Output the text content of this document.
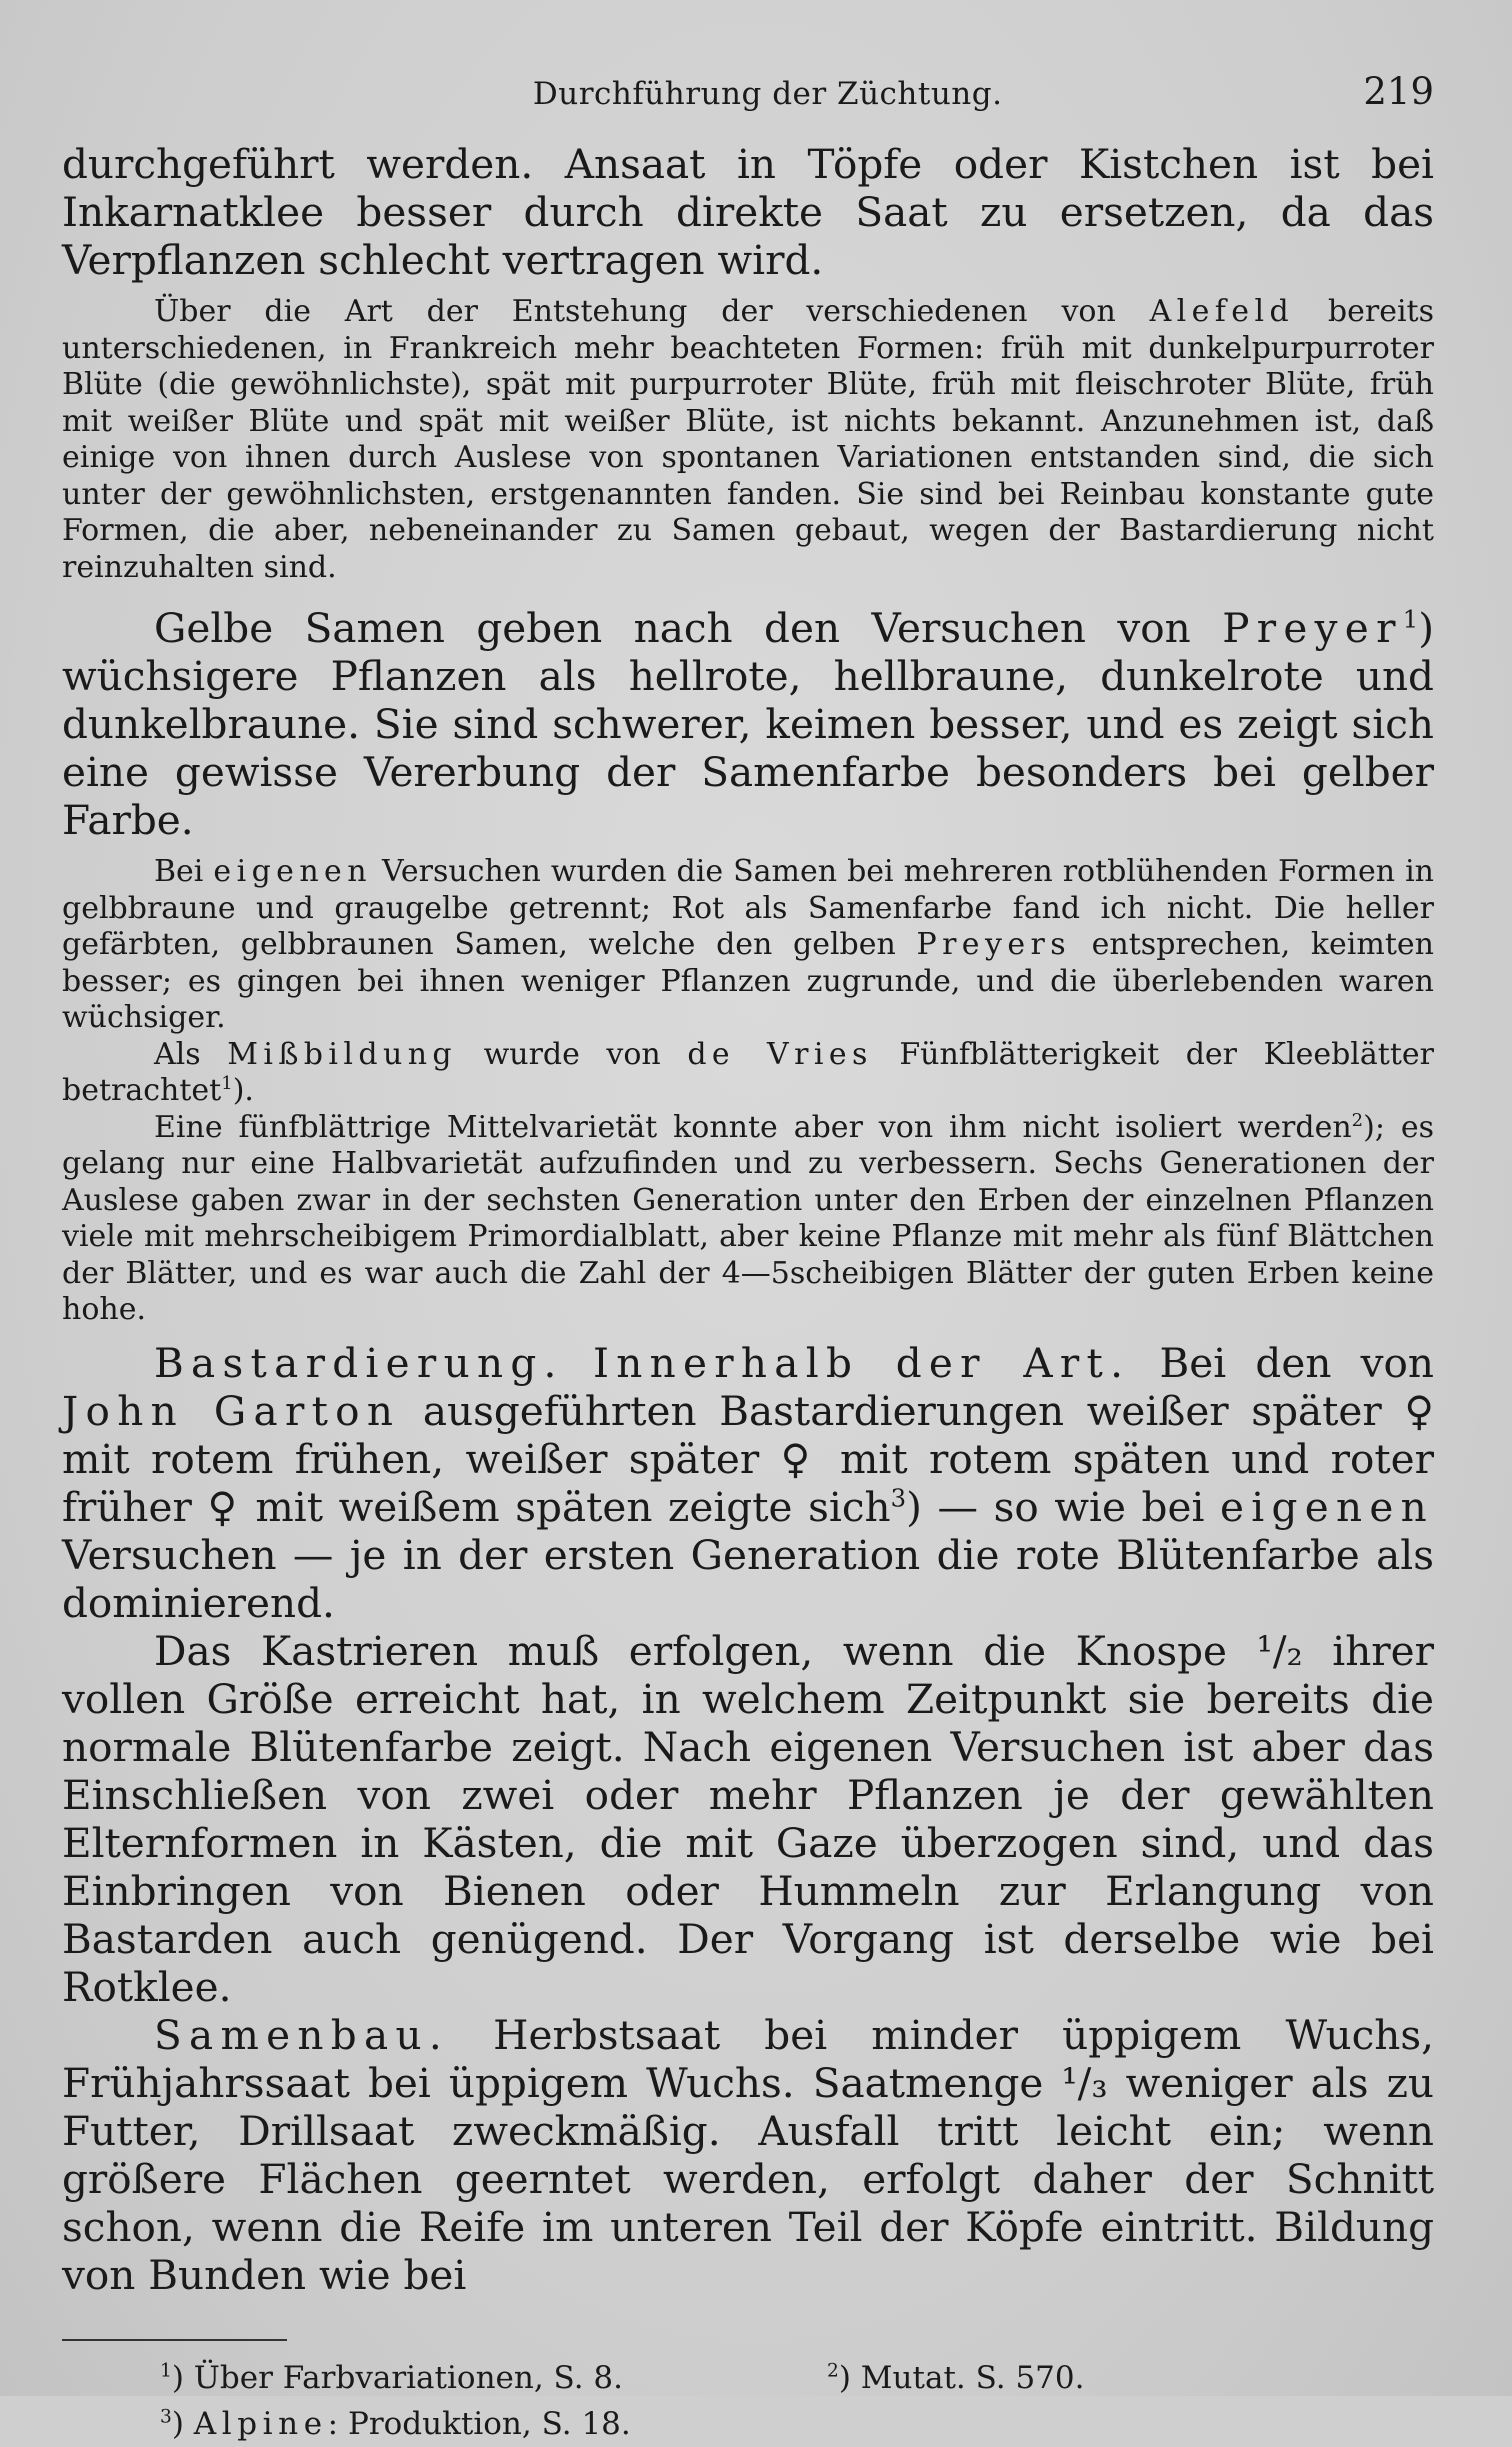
Durchführung der Züchtung.	219

durchgeführt werden. Ansaat in Töpfe oder Kistchen ist bei Inkarnatklee besser durch direkte Saat zu ersetzen, da das Verpflanzen schlecht vertragen wird.

Über die Art der Entstehung der verschiedenen von Alefeld bereits unterschiedenen, in Frankreich mehr beachteten Formen: früh mit dunkelpurpurroter Blüte (die gewöhnlichste), spät mit purpurroter Blüte, früh mit fleischroter Blüte, früh mit weißer Blüte und spät mit weißer Blüte, ist nichts bekannt. Anzunehmen ist, daß einige von ihnen durch Auslese von spontanen Variationen entstanden sind, die sich unter der gewöhnlichsten, erstgenannten fanden. Sie sind bei Reinbau konstante gute Formen, die aber, nebeneinander zu Samen gebaut, wegen der Bastardierung nicht reinzuhalten sind.

Gelbe Samen geben nach den Versuchen von Preyer$^1$) wüchsigere Pflanzen als hellrote, hellbraune, dunkelrote und dunkelbraune. Sie sind schwerer, keimen besser, und es zeigt sich eine gewisse Vererbung der Samenfarbe besonders bei gelber Farbe.

Bei eigenen Versuchen wurden die Samen bei mehreren rotblühenden Formen in gelbbraune und graugelbe getrennt; Rot als Samenfarbe fand ich nicht. Die heller gefärbten, gelbbraunen Samen, welche den gelben Preyers entsprechen, keimten besser; es gingen bei ihnen weniger Pflanzen zugrunde, und die überlebenden waren wüchsiger.

Als Mißbildung wurde von de Vries Fünfblätterigkeit der Kleeblätter betrachtet$^1$).

Eine fünfblättrige Mittelvarietät konnte aber von ihm nicht isoliert werden$^2$); es gelang nur eine Halbvarietät aufzufinden und zu verbessern. Sechs Generationen der Auslese gaben zwar in der sechsten Generation unter den Erben der einzelnen Pflanzen viele mit mehrscheibigem Primordialblatt, aber keine Pflanze mit mehr als fünf Blättchen der Blätter, und es war auch die Zahl der 4—5scheibigen Blätter der guten Erben keine hohe.

Bastardierung. Innerhalb der Art. Bei den von John Garton ausgeführten Bastardierungen weißer später ♀ mit rotem frühen, weißer später ♀ mit rotem späten und roter früher ♀ mit weißem späten zeigte sich$^3$) — so wie bei eigenen Versuchen — je in der ersten Generation die rote Blütenfarbe als dominierend.

Das Kastrieren muß erfolgen, wenn die Knospe ¹/₂ ihrer vollen Größe erreicht hat, in welchem Zeitpunkt sie bereits die normale Blütenfarbe zeigt. Nach eigenen Versuchen ist aber das Einschließen von zwei oder mehr Pflanzen je der gewählten Elternformen in Kästen, die mit Gaze überzogen sind, und das Einbringen von Bienen oder Hummeln zur Erlangung von Bastarden auch genügend. Der Vorgang ist derselbe wie bei Rotklee.

Samenbau. Herbstsaat bei minder üppigem Wuchs, Frühjahrssaat bei üppigem Wuchs. Saatmenge ¹/₃ weniger als zu Futter, Drillsaat zweckmäßig. Ausfall tritt leicht ein; wenn größere Flächen geerntet werden, erfolgt daher der Schnitt schon, wenn die Reife im unteren Teil der Köpfe eintritt. Bildung von Bunden wie bei

$^1$) Über Farbvariationen, S. 8.	$^2$) Mutat. S. 570.
$^3$) Alpine: Produktion, S. 18.
